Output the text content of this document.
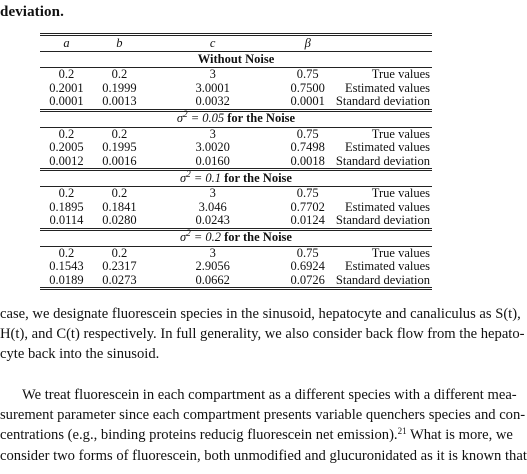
deviation.
a	b	c	β	
Without Noise				
0.2	0.2	3	0.75	True values
0.2001	0.1999	3.0001	0.7500	Estimated values
0.0001	0.0013	0.0032	0.0001	Standard deviation
$\sigma^2 = 0.05$ for the Noise				
0.2	0.2	3	0.75	True values
0.2005	0.1995	3.0020	0.7498	Estimated values
0.0012	0.0016	0.0160	0.0018	Standard deviation
$\sigma^2 = 0.1$ for the Noise				
0.2	0.2	3	0.75	True values
0.1895	0.1841	3.046	0.7702	Estimated values
0.0114	0.0280	0.0243	0.0124	Standard deviation
$\sigma^2 = 0.2$ for the Noise				
0.2	0.2	3	0.75	True values
0.1543	0.2317	2.9056	0.6924	Estimated values
0.0189	0.0273	0.0662	0.0726	Standard deviation
case, we designate fluorescein species in the sinusoid, hepatocyte and canaliculus as S(t),
H(t), and C(t) respectively. In full generality, we also consider back flow from the hepato-
cyte back into the sinusoid.
We treat fluorescein in each compartment as a different species with a different mea-
surement parameter since each compartment presents variable quenchers species and con-
centrations (e.g., binding proteins reducig fluorescein net emission).$^{21}$ What is more, we
consider two forms of fluorescein, both unmodified and glucuronidated as it is known that
